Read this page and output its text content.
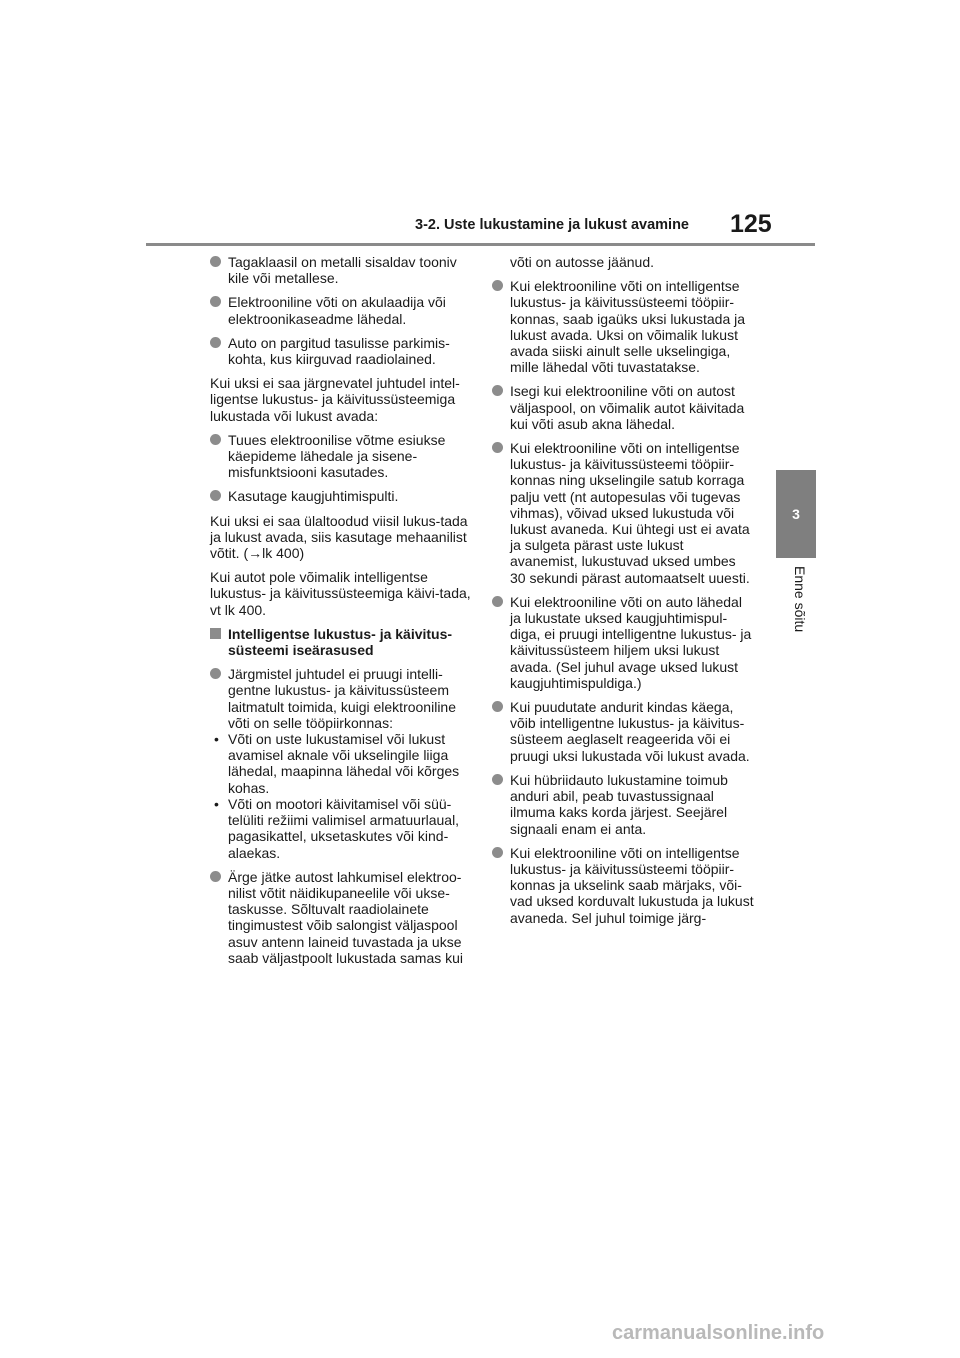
3-2. Uste lukustamine ja lukust avamine 125
3
Enne sõitu
Tagaklaasil on metalli sisaldav tooniv kile või metallese.
Elektrooniline võti on akulaadija või elektroonikaseadme lähedal.
Auto on pargitud tasulisse parkimis-kohta, kus kiirguvad raadiolained.
Kui uksi ei saa järgnevatel juhtudel intel-ligentse lukustus- ja käivitussüsteemiga lukustada või lukust avada:
Tuues elektroonilise võtme esiukse käepideme lähedale ja sisene-misfunktsiooni kasutades.
Kasutage kaugjuhtimispulti.
Kui uksi ei saa ülaltoodud viisil lukus-tada ja lukust avada, siis kasutage mehaanilist võtit. (→lk 400)
Kui autot pole võimalik intelligentse lukustus- ja käivitussüsteemiga käivi-tada, vt lk 400.
Intelligentse lukustus- ja käivitus-süsteemi iseärasused
Järgmistel juhtudel ei pruugi intelli-gentne lukustus- ja käivitussüsteem laitmatult toimida, kuigi elektrooniline võti on selle tööpiirkonnas:
• Võti on uste lukustamisel või lukust avamisel aknale või ukselingile liiga lähedal, maapinna lähedal või kõrges kohas.
• Võti on mootori käivitamisel või süü-telüliti režiimi valimisel armatuurlaual, pagasikattel, uksetaskutes või kind-alaekas.
Ärge jätke autost lahkumisel elektroo-nilist võtit näidikupaneelile või ukse-taskusse. Sõltuvalt raadiolainete tingimustest võib salongist väljaspool asuv antenn laineid tuvastada ja ukse saab väljastpoolt lukustada samas kui
võti on autosse jäänud.
Kui elektrooniline võti on intelligentse lukustus- ja käivitussüsteemi tööpiir-konnas, saab igaüks uksi lukustada ja lukust avada. Uksi on võimalik lukust avada siiski ainult selle ukselingiga, mille lähedal võti tuvastatakse.
Isegi kui elektrooniline võti on autost väljaspool, on võimalik autot käivitada kui võti asub akna lähedal.
Kui elektrooniline võti on intelligentse lukustus- ja käivitussüsteemi tööpiir-konnas ning ukselingile satub korraga palju vett (nt autopesulas või tugevas vihmas), võivad uksed lukustuda või lukust avaneda. Kui ühtegi ust ei avata ja sulgeta pärast uste lukust avanemist, lukustuvad uksed umbes 30 sekundi pärast automaatselt uuesti.
Kui elektrooniline võti on auto lähedal ja lukustate uksed kaugjuhtimispul-diga, ei pruugi intelligentne lukustus- ja käivitussüsteem hiljem uksi lukust avada. (Sel juhul avage uksed lukust kaugjuhtimispuldiga.)
Kui puudutate andurit kindas käega, võib intelligentne lukustus- ja käivitus-süsteem aeglaselt reageerida või ei pruugi uksi lukustada või lukust avada.
Kui hübriidauto lukustamine toimub anduri abil, peab tuvastussignaal ilmuma kaks korda järjest. Seejärel signaali enam ei anta.
Kui elektrooniline võti on intelligentse lukustus- ja käivitussüsteemi tööpiir-konnas ja ukselink saab märjaks, või-vad uksed korduvalt lukustuda ja lukust avaneda. Sel juhul toimige järg-
carmanualsonline.info
